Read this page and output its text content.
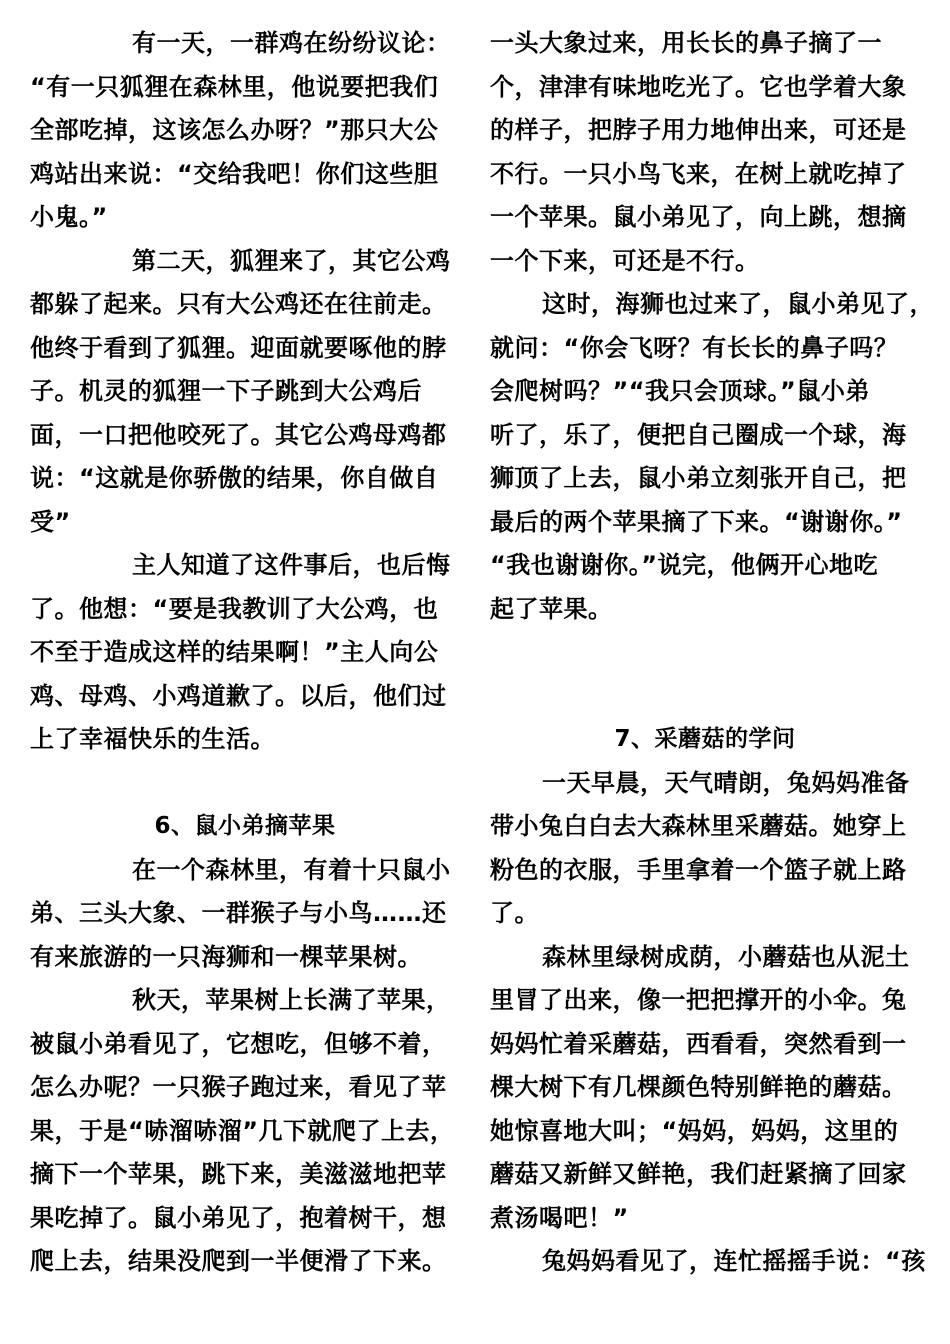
有一天，一群鸡在纷纷议论：
“有一只狐狸在森林里，他说要把我们
全部吃掉，这该怎么办呀？”那只大公
鸡站出来说：“交给我吧！你们这些胆
小鬼。”
第二天，狐狸来了，其它公鸡
都躲了起来。只有大公鸡还在往前走。
他终于看到了狐狸。迎面就要啄他的脖
子。机灵的狐狸一下子跳到大公鸡后
面，一口把他咬死了。其它公鸡母鸡都
说：“这就是你骄傲的结果，你自做自
受”
主人知道了这件事后，也后悔
了。他想：“要是我教训了大公鸡，也
不至于造成这样的结果啊！”主人向公
鸡、母鸡、小鸡道歉了。以后，他们过
上了幸福快乐的生活。
6、鼠小弟摘苹果
在一个森林里，有着十只鼠小
弟、三头大象、一群猴子与小鸟……还
有来旅游的一只海狮和一棵苹果树。
秋天，苹果树上长满了苹果，
被鼠小弟看见了，它想吃，但够不着，
怎么办呢？一只猴子跑过来，看见了苹
果，于是“哧溜哧溜”几下就爬了上去，
摘下一个苹果，跳下来，美滋滋地把苹
果吃掉了。鼠小弟见了，抱着树干，想
爬上去，结果没爬到一半便滑了下来。
一头大象过来，用长长的鼻子摘了一
个，津津有味地吃光了。它也学着大象
的样子，把脖子用力地伸出来，可还是
不行。一只小鸟飞来，在树上就吃掉了
一个苹果。鼠小弟见了，向上跳，想摘
一个下来，可还是不行。
这时，海狮也过来了，鼠小弟见了，
就问：“你会飞呀？有长长的鼻子吗？
会爬树吗？”“我只会顶球。”鼠小弟
听了，乐了，便把自己圈成一个球，海
狮顶了上去，鼠小弟立刻张开自己，把
最后的两个苹果摘了下来。“谢谢你。”
“我也谢谢你。”说完，他俩开心地吃
起了苹果。
7、采蘑菇的学问
一天早晨，天气晴朗，兔妈妈准备
带小兔白白去大森林里采蘑菇。她穿上
粉色的衣服，手里拿着一个篮子就上路
了。
森林里绿树成荫，小蘑菇也从泥土
里冒了出来，像一把把撑开的小伞。兔
妈妈忙着采蘑菇，西看看，突然看到一
棵大树下有几棵颜色特别鲜艳的蘑菇。
她惊喜地大叫；“妈妈，妈妈，这里的
蘑菇又新鲜又鲜艳，我们赶紧摘了回家
煮汤喝吧！”
兔妈妈看见了，连忙摇摇手说：“孩
